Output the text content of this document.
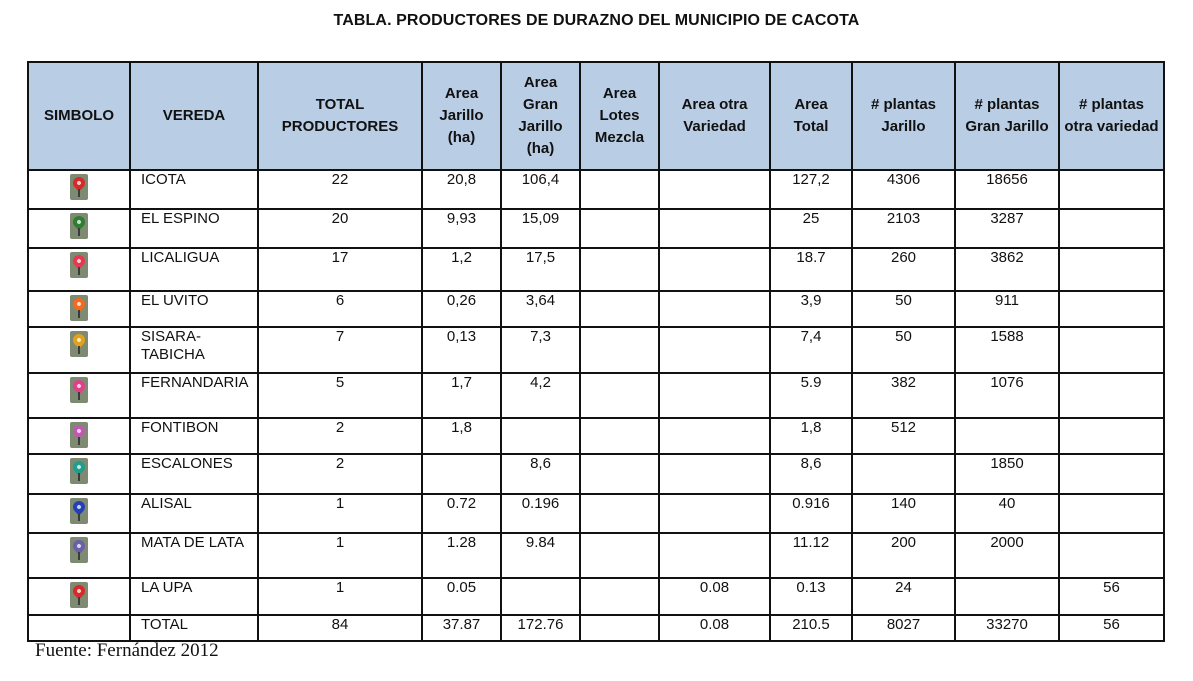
TABLA. PRODUCTORES DE DURAZNO DEL MUNICIPIO DE CACOTA
SIMBOLO	VEREDA	TOTAL PRODUCTORES	Area Jarillo (ha)	Area Gran Jarillo (ha)	Area Lotes Mezcla	Area otra Variedad	Area Total	# plantas Jarillo	# plantas Gran Jarillo	# plantas otra variedad

	ICOTA	22	20,8	106,4			127,2	4306	18656	

	EL ESPINO	20	9,93	15,09			25	2103	3287	

	LICALIGUA	17	1,2	17,5			18.7	260	3862	

	EL UVITO	6	0,26	3,64			3,9	50	911	

	SISARA-TABICHA	7	0,13	7,3			7,4	50	1588	

	FERNANDARIA	5	1,7	4,2			5.9	382	1076	

	FONTIBON	2	1,8				1,8	512		

	ESCALONES	2		8,6			8,6		1850	

	ALISAL	1	0.72	0.196			0.916	140	40	

	MATA DE LATA	1	1.28	9.84			11.12	200	2000	

	LA UPA	1	0.05			0.08	0.13	24		56
	TOTAL	84	37.87	172.76		0.08	210.5	8027	33270	56
Fuente: Fernández 2012
